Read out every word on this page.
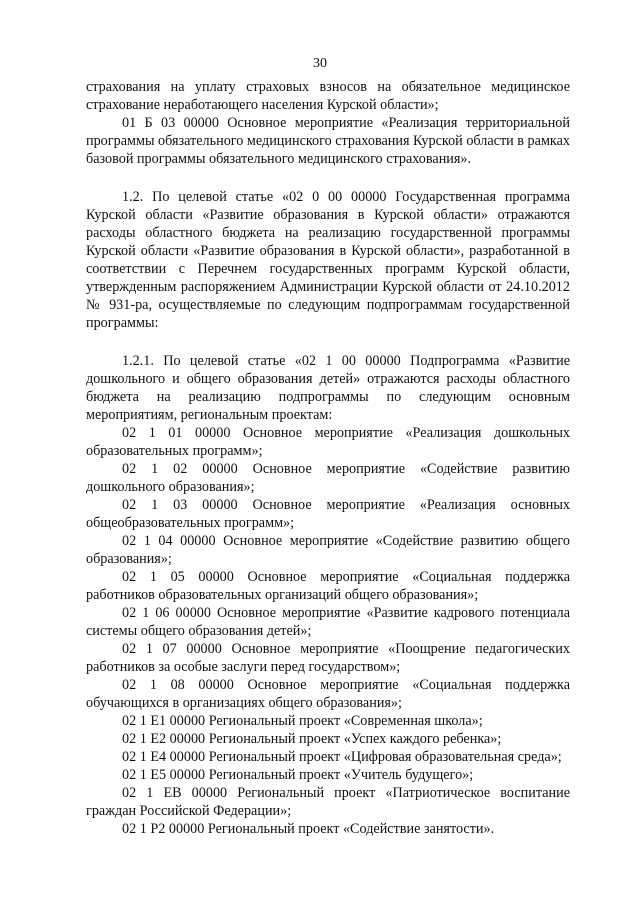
30

страхования на уплату страховых взносов на обязательное медицинское страхование неработающего населения Курской области»;

01 Б 03 00000 Основное мероприятие «Реализация территориальной программы обязательного медицинского страхования Курской области в рамках базовой программы обязательного медицинского страхования».

1.2. По целевой статье «02 0 00 00000 Государственная программа Курской области «Развитие образования в Курской области» отражаются расходы областного бюджета на реализацию государственной программы Курской области «Развитие образования в Курской области», разработанной в соответствии с Перечнем государственных программ Курской области, утвержденным распоряжением Администрации Курской области от 24.10.2012 № 931-ра, осуществляемые по следующим подпрограммам государственной программы:

1.2.1. По целевой статье «02 1 00 00000 Подпрограмма «Развитие дошкольного и общего образования детей» отражаются расходы областного бюджета на реализацию подпрограммы по следующим основным мероприятиям, региональным проектам:

02 1 01 00000 Основное мероприятие «Реализация дошкольных образовательных программ»;

02 1 02 00000 Основное мероприятие «Содействие развитию дошкольного образования»;

02 1 03 00000 Основное мероприятие «Реализация основных общеобразовательных программ»;

02 1 04 00000 Основное мероприятие «Содействие развитию общего образования»;

02 1 05 00000 Основное мероприятие «Социальная поддержка работников образовательных организаций общего образования»;

02 1 06 00000 Основное мероприятие «Развитие кадрового потенциала системы общего образования детей»;

02 1 07 00000 Основное мероприятие «Поощрение педагогических работников за особые заслуги перед государством»;

02 1 08 00000 Основное мероприятие «Социальная поддержка обучающихся в организациях общего образования»;

02 1 E1 00000 Региональный проект «Современная школа»;

02 1 E2 00000 Региональный проект «Успех каждого ребенка»;

02 1 E4 00000 Региональный проект «Цифровая образовательная среда»;

02 1 E5 00000 Региональный проект «Учитель будущего»;

02 1 EB 00000 Региональный проект «Патриотическое воспитание граждан Российской Федерации»;

02 1 P2 00000 Региональный проект «Содействие занятости».
